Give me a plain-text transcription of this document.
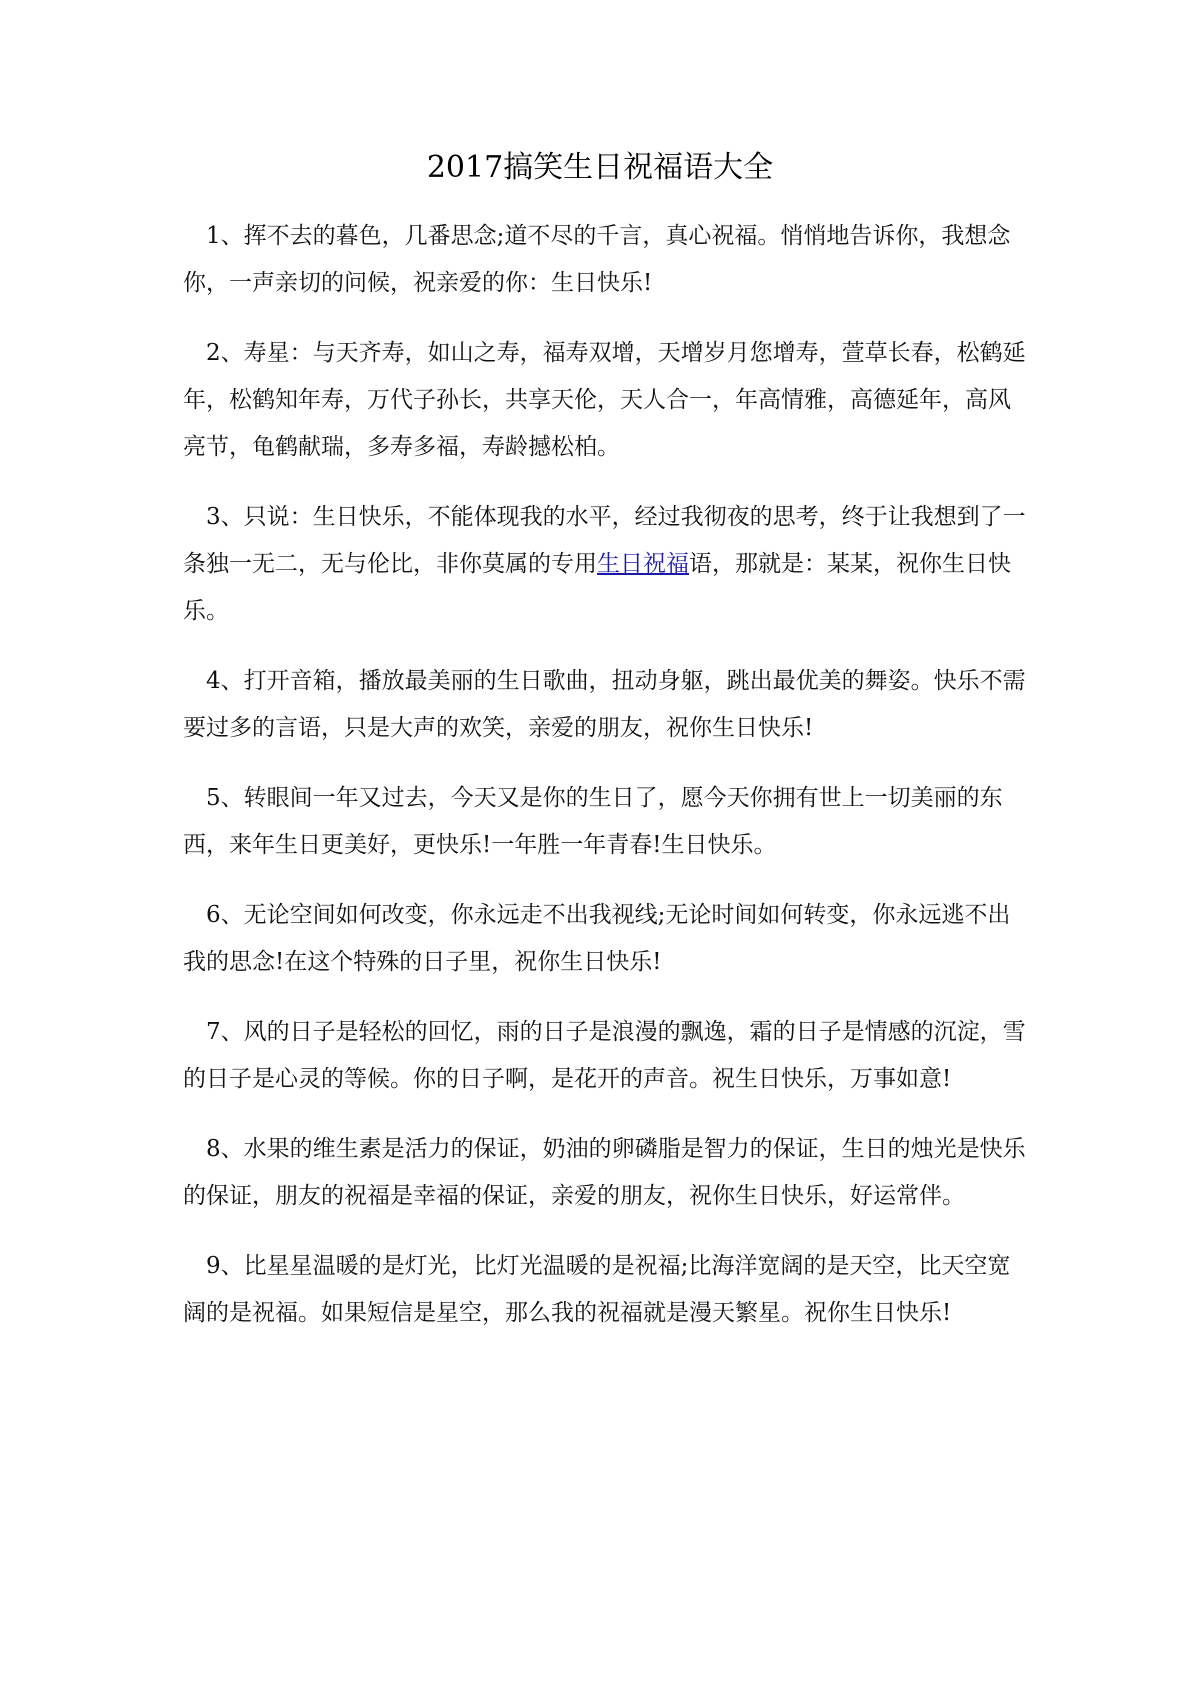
2017搞笑生日祝福语大全

1、挥不去的暮色，几番思念;道不尽的千言，真心祝福。悄悄地告诉你，我想念你，一声亲切的问候，祝亲爱的你：生日快乐!

2、寿星：与天齐寿，如山之寿，福寿双增，天增岁月您增寿，萱草长春，松鹤延年，松鹤知年寿，万代子孙长，共享天伦，天人合一，年高情雅，高德延年，高风亮节，龟鹤献瑞，多寿多福，寿龄撼松柏。

3、只说：生日快乐，不能体现我的水平，经过我彻夜的思考，终于让我想到了一条独一无二，无与伦比，非你莫属的专用生日祝福语，那就是：某某，祝你生日快乐。

4、打开音箱，播放最美丽的生日歌曲，扭动身躯，跳出最优美的舞姿。快乐不需要过多的言语，只是大声的欢笑，亲爱的朋友，祝你生日快乐!

5、转眼间一年又过去，今天又是你的生日了，愿今天你拥有世上一切美丽的东西，来年生日更美好，更快乐!一年胜一年青春!生日快乐。

6、无论空间如何改变，你永远走不出我视线;无论时间如何转变，你永远逃不出我的思念!在这个特殊的日子里，祝你生日快乐!

7、风的日子是轻松的回忆，雨的日子是浪漫的飘逸，霜的日子是情感的沉淀，雪的日子是心灵的等候。你的日子啊，是花开的声音。祝生日快乐，万事如意!

8、水果的维生素是活力的保证，奶油的卵磷脂是智力的保证，生日的烛光是快乐的保证，朋友的祝福是幸福的保证，亲爱的朋友，祝你生日快乐，好运常伴。

9、比星星温暖的是灯光，比灯光温暖的是祝福;比海洋宽阔的是天空，比天空宽阔的是祝福。如果短信是星空，那么我的祝福就是漫天繁星。祝你生日快乐!
